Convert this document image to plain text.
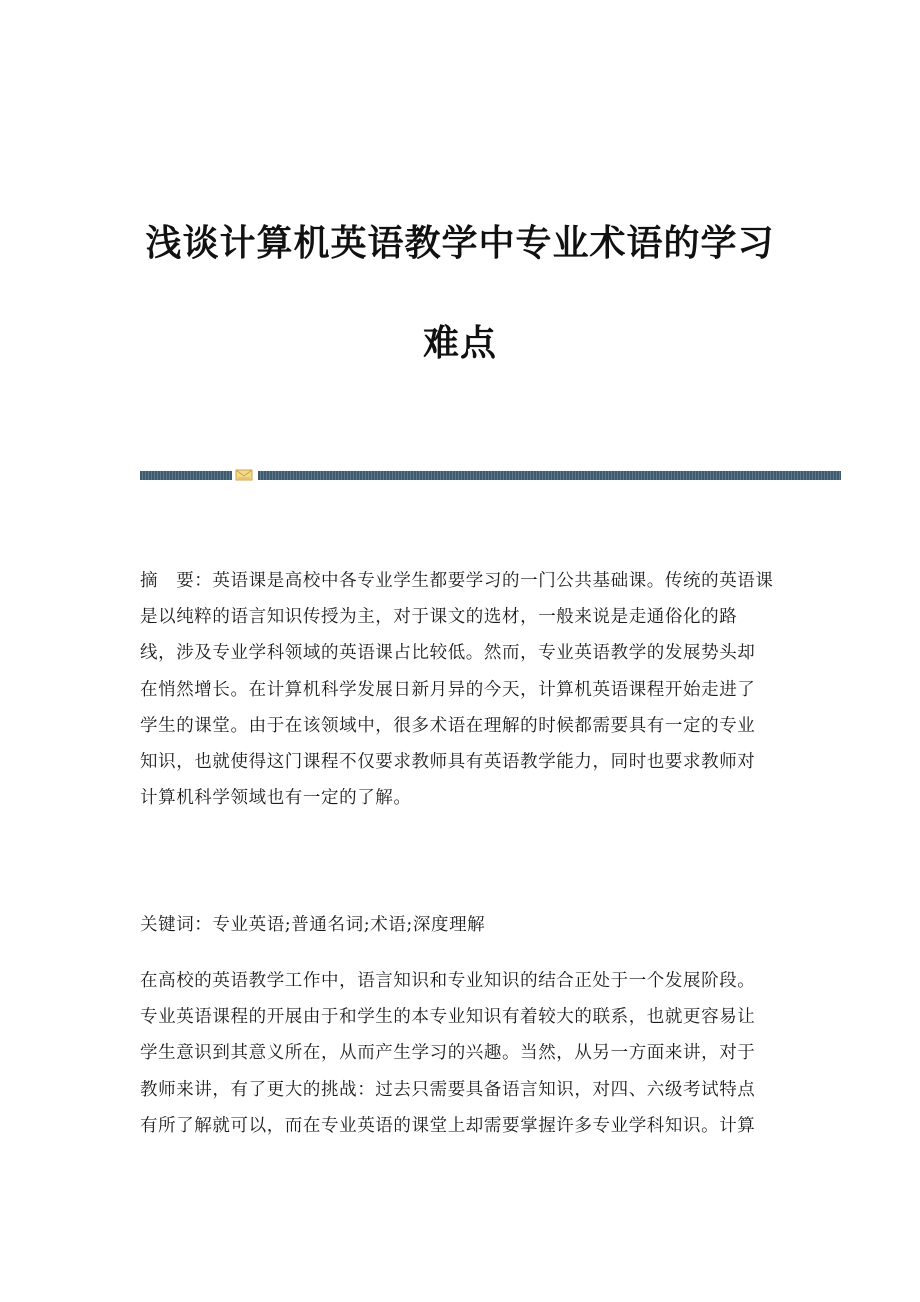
浅谈计算机英语教学中专业术语的学习
难点
摘　要：英语课是高校中各专业学生都要学习的一门公共基础课。传统的英语课
是以纯粹的语言知识传授为主，对于课文的选材，一般来说是走通俗化的路
线，涉及专业学科领域的英语课占比较低。然而，专业英语教学的发展势头却
在悄然增长。在计算机科学发展日新月异的今天，计算机英语课程开始走进了
学生的课堂。由于在该领域中，很多术语在理解的时候都需要具有一定的专业
知识，也就使得这门课程不仅要求教师具有英语教学能力，同时也要求教师对
计算机科学领域也有一定的了解。
关键词：专业英语;普通名词;术语;深度理解
在高校的英语教学工作中，语言知识和专业知识的结合正处于一个发展阶段。
专业英语课程的开展由于和学生的本专业知识有着较大的联系，也就更容易让
学生意识到其意义所在，从而产生学习的兴趣。当然，从另一方面来讲，对于
教师来讲，有了更大的挑战：过去只需要具备语言知识，对四、六级考试特点
有所了解就可以，而在专业英语的课堂上却需要掌握许多专业学科知识。计算
